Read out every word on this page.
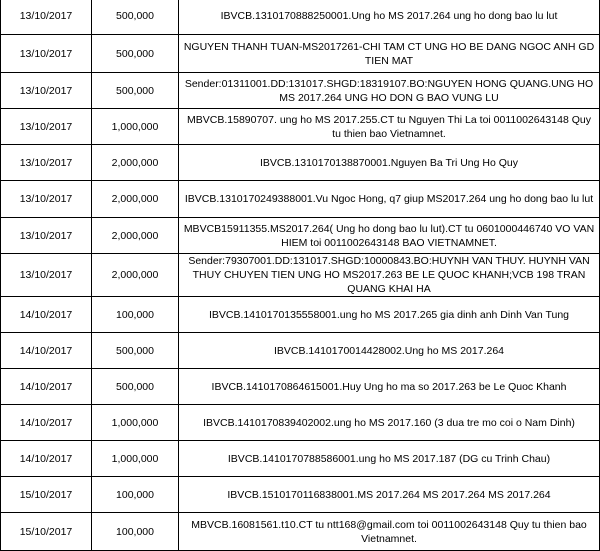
13/10/2017	500,000	IBVCB.1310170888250001.Ung ho MS 2017.264 ung ho dong bao lu lut
13/10/2017	500,000	NGUYEN THANH TUAN-MS2017261-CHI TAM CT UNG HO BE DANG NGOC ANH GD TIEN MAT
13/10/2017	500,000	Sender:01311001.DD:131017.SHGD:18319107.BO:NGUYEN HONG QUANG.UNG HO MS 2017.264 UNG HO DON G BAO VUNG LU
13/10/2017	1,000,000	MBVCB.15890707. ung ho MS 2017.255.CT tu Nguyen Thi La toi 0011002643148 Quy tu thien bao Vietnamnet.
13/10/2017	2,000,000	IBVCB.1310170138870001.Nguyen Ba Tri Ung Ho Quy
13/10/2017	2,000,000	IBVCB.1310170249388001.Vu Ngoc Hong, q7 giup MS2017.264 ung ho dong bao lu lut
13/10/2017	2,000,000	MBVCB15911355.MS2017.264( Ung ho dong bao lu lut).CT tu 0601000446740 VO VAN HIEM toi 0011002643148 BAO VIETNAMNET.
13/10/2017	2,000,000	Sender:79307001.DD:131017.SHGD:10000843.BO:HUYNH VAN THUY. HUYNH VAN THUY CHUYEN TIEN UNG HO MS2017.263 BE LE QUOC KHANH;VCB 198 TRAN QUANG KHAI HA
14/10/2017	100,000	IBVCB.1410170135558001.ung ho MS 2017.265 gia dinh anh Dinh Van Tung
14/10/2017	500,000	IBVCB.1410170014428002.Ung ho MS 2017.264
14/10/2017	500,000	IBVCB.1410170864615001.Huy Ung ho ma so 2017.263 be Le Quoc Khanh
14/10/2017	1,000,000	IBVCB.1410170839402002.ung ho MS 2017.160 (3 dua tre mo coi o Nam Dinh)
14/10/2017	1,000,000	IBVCB.1410170788586001.ung ho MS 2017.187 (DG cu Trinh Chau)
15/10/2017	100,000	IBVCB.1510170116838001.MS 2017.264 MS 2017.264 MS 2017.264
15/10/2017	100,000	MBVCB.16081561.t10.CT tu ntt168@gmail.com toi 0011002643148 Quy tu thien bao Vietnamnet.
